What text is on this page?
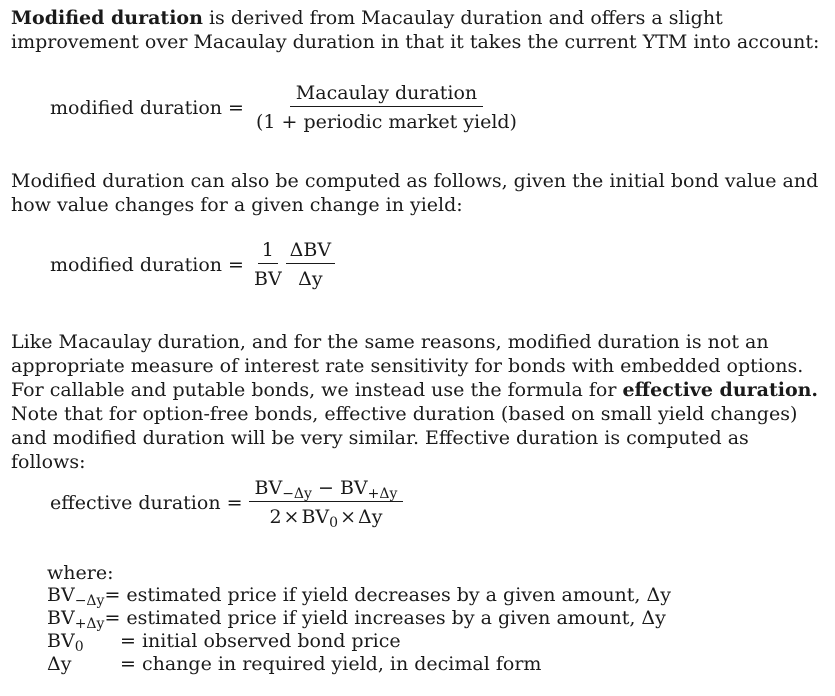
Modified duration is derived from Macaulay duration and offers a slight improvement over Macaulay duration in that it takes the current YTM into account:

modified duration = $\frac{\text{Macaulay duration}}{\text{(1 + periodic market yield)}}$

Modified duration can also be computed as follows, given the initial bond value and how value changes for a given change in yield:

modified duration = $\frac{1}{BV} \frac{\text{ΔBV}}{\Delta y}$

Like Macaulay duration, and for the same reasons, modified duration is not an appropriate measure of interest rate sensitivity for bonds with embedded options. For callable and putable bonds, we instead use the formula for effective duration. Note that for option-free bonds, effective duration (based on small yield changes) and modified duration will be very similar. Effective duration is computed as follows:

effective duration = $\frac{BV_{-\Delta y} - BV_{+\Delta y}}{2 \times BV_0 \times \Delta y}$
where:
$BV_{-\Delta y}$ = estimated price if yield decreases by a given amount, Δy
$BV_{+\Delta y}$ = estimated price if yield increases by a given amount, Δy
$BV_0$	= initial observed bond price
Δy	= change in required yield, in decimal form
